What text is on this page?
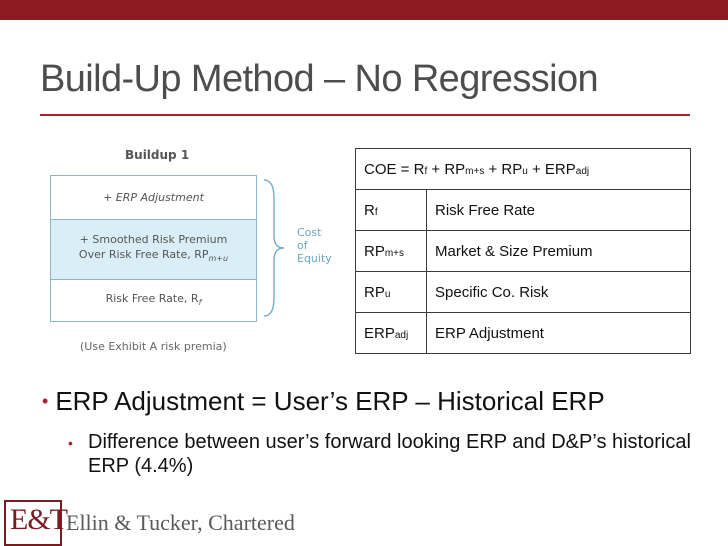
Build-Up Method – No Regression
Buildup 1
+ ERP Adjustment
+ Smoothed Risk Premium
Over Risk Free Rate, $RP_{m+u}$
Risk Free Rate, $R_f$
Cost
of
Equity
(Use Exhibit A risk premia)
COE = Rf + RPm+s + RPu + ERPadj	
Rf	Risk Free Rate
RPm+s	Market & Size Premium
RPu	Specific Co. Risk
ERPadj	ERP Adjustment
• ERP Adjustment = User’s ERP – Historical ERP
• Difference between user’s forward looking ERP and D&P’s historical ERP (4.4%)
E&T Ellin & Tucker, Chartered
